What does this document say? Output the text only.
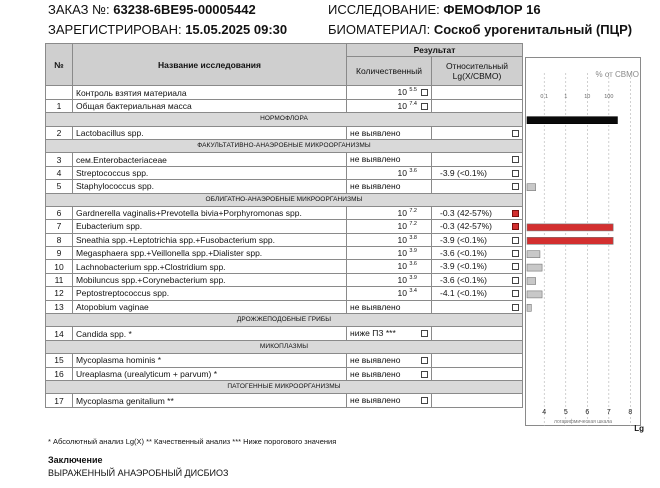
ЗАКАЗ №: 63238-6BE95-00005442
ЗАРЕГИСТРИРОВАН: 15.05.2025 09:30
ИССЛЕДОВАНИЕ: ФЕМОФЛОР 16
БИОМАТЕРИАЛ: Соскоб урогенитальный (ПЦР)
№	Название исследования	Результат	
		Количественный	Относительный Lg(X/СВМО)
	Контроль взятия материала	10 $^{5.5}$

1	Общая бактериальная масса	10 $^{7.4}$

НОРМОФЛОРА			
2	Lactobacillus spp.	не выявлено	

ФАКУЛЬТАТИВНО-АНАЭРОБНЫЕ МИКРООРГАНИЗМЫ			
3	сем.Enterobacteriaceae	не выявлено	

4	Streptococcus spp.	10 $^{3.6}$	-3.9 (<0.1%)

5	Staphylococcus spp.	не выявлено	

ОБЛИГАТНО-АНАЭРОБНЫЕ МИКРООРГАНИЗМЫ			
6	Gardnerella vaginalis+Prevotella bivia+Porphyromonas spp.	10 $^{7.2}$	-0.3 (42-57%)

7	Eubacterium spp.	10 $^{7.2}$	-0.3 (42-57%)

8	Sneathia spp.+Leptotrichia spp.+Fusobacterium spp.	10 $^{3.8}$	-3.9 (<0.1%)

9	Megasphaera spp.+Veillonella spp.+Dialister spp.	10 $^{3.9}$	-3.6 (<0.1%)

10	Lachnobacterium spp.+Clostridium spp.	10 $^{3.6}$	-3.9 (<0.1%)

11	Mobiluncus spp.+Corynebacterium spp.	10 $^{3.9}$	-3.6 (<0.1%)

12	Peptostreptococcus spp.	10 $^{3.4}$	-4.1 (<0.1%)

13	Atopobium vaginae	не выявлено	

ДРОЖЖЕПОДОБНЫЕ ГРИБЫ			
14	Candida spp. *	ниже ПЗ ***	

МИКОПЛАЗМЫ			
15	Mycoplasma hominis *	не выявлено	

16	Ureaplasma (urealyticum + parvum) *	не выявлено	

ПАТОГЕННЫЕ МИКРООРГАНИЗМЫ			
17	Mycoplasma genitalium **	не выявлено	

% от СВМО
0.1	1	10	100
4	5	6	7	8
логарифмическая шкала
Lg
* Абсолютный анализ Lg(X) ** Качественный анализ *** Ниже порогового значения
Заключение
ВЫРАЖЕННЫЙ АНАЭРОБНЫЙ ДИСБИОЗ
